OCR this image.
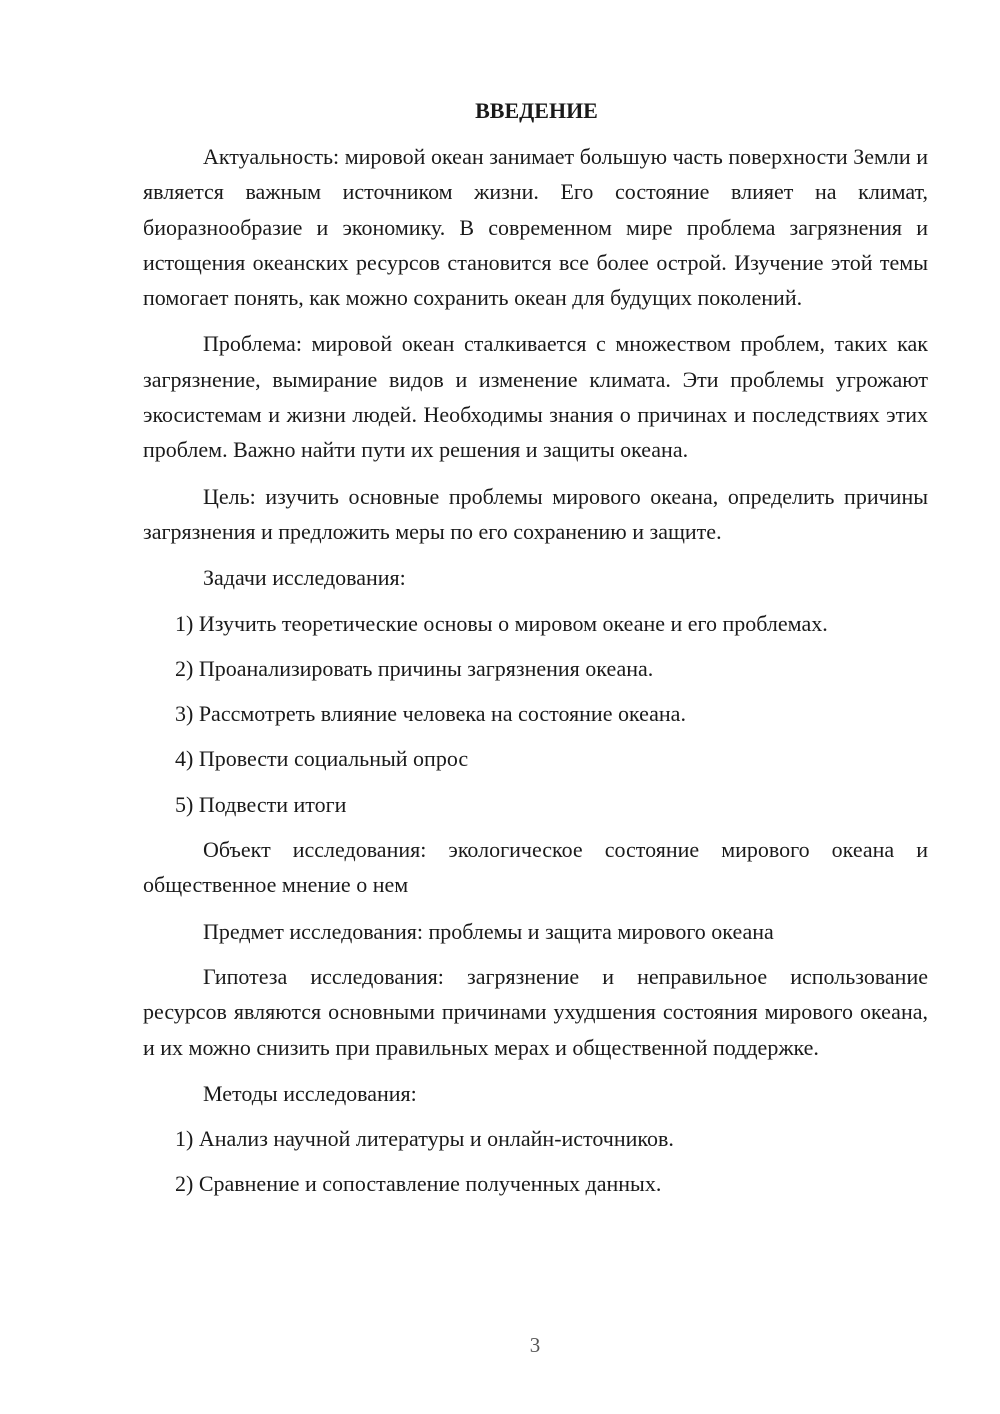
ВВЕДЕНИЕ

Актуальность: мировой океан занимает большую часть поверхности Земли и является важным источником жизни. Его состояние влияет на климат, биоразнообразие и экономику. В современном мире проблема загрязнения и истощения океанских ресурсов становится все более острой. Изучение этой темы помогает понять, как можно сохранить океан для будущих поколений.

Проблема: мировой океан сталкивается с множеством проблем, таких как загрязнение, вымирание видов и изменение климата. Эти проблемы угрожают экосистемам и жизни людей. Необходимы знания о причинах и последствиях этих проблем. Важно найти пути их решения и защиты океана.

Цель: изучить основные проблемы мирового океана, определить причины загрязнения и предложить меры по его сохранению и защите.

Задачи исследования:

1) Изучить теоретические основы о мировом океане и его проблемах.
2) Проанализировать причины загрязнения океана.
3) Рассмотреть влияние человека на состояние океана.
4) Провести социальный опрос
5) Подвести итоги

Объект исследования: экологическое состояние мирового океана и общественное мнение о нем

Предмет исследования: проблемы и защита мирового океана

Гипотеза исследования: загрязнение и неправильное использование ресурсов являются основными причинами ухудшения состояния мирового океана, и их можно снизить при правильных мерах и общественной поддержке.

Методы исследования:

1) Анализ научной литературы и онлайн-источников.
2) Сравнение и сопоставление полученных данных.
3
